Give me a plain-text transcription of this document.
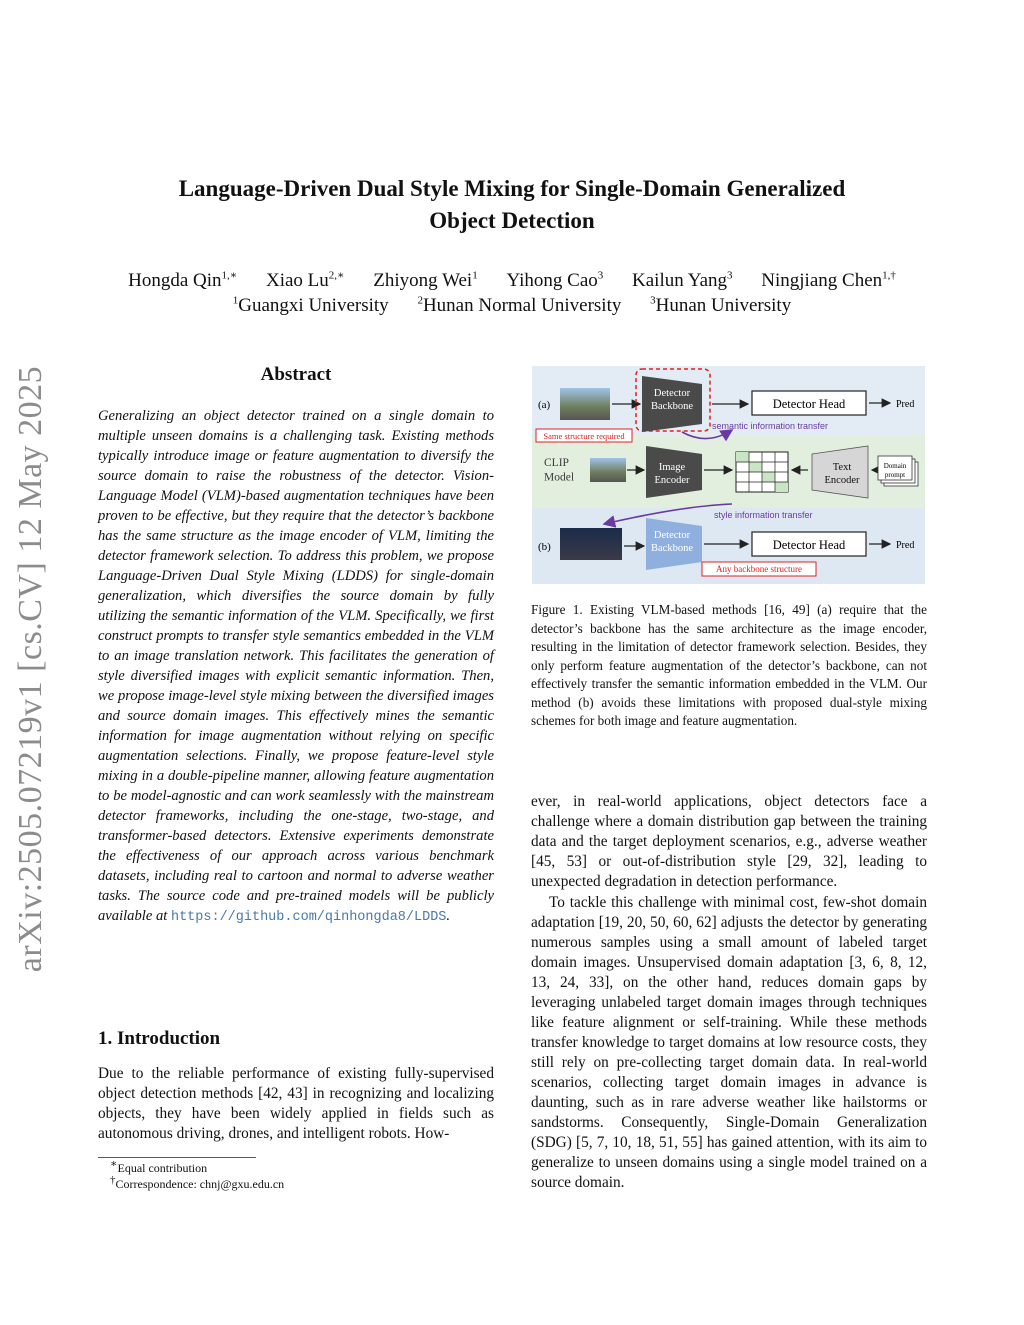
arXiv:2505.07219v1 [cs.CV] 12 May 2025
Language-Driven Dual Style Mixing for Single-Domain Generalized
Object Detection
Hongda Qin$^{1,∗}$ Xiao $Lu^{2,∗}$ Zhiyong Wei$^1$ Yihong Cao$^3$ Kailun Yang$^3$ Ningjiang Chen$^{1,\dagger}$
$^1$Guangxi University	$^2$Hunan Normal University	$^3$Hunan University
Abstract
Generalizing an object detector trained on a single domain to multiple unseen domains is a challenging task. Existing methods typically introduce image or feature augmentation to diversify the source domain to raise the robustness of the detector. Vision-Language Model (VLM)-based augmentation techniques have been proven to be effective, but they require that the detector’s backbone has the same structure as the image encoder of VLM, limiting the detector framework selection. To address this problem, we propose Language-Driven Dual Style Mixing (LDDS) for single-domain generalization, which diversifies the source domain by fully utilizing the semantic information of the VLM. Specifically, we first construct prompts to transfer style semantics embedded in the VLM to an image translation network. This facilitates the generation of style diversified images with explicit semantic information. Then, we propose image-level style mixing between the diversified images and source domain images. This effectively mines the semantic information for image augmentation without relying on specific augmentation selections. Finally, we propose feature-level style mixing in a double-pipeline manner, allowing feature augmentation to be model-agnostic and can work seamlessly with the mainstream detector frameworks, including the one-stage, two-stage, and transformer-based detectors. Extensive experiments demonstrate the effectiveness of our approach across various benchmark datasets, including real to cartoon and normal to adverse weather tasks. The source code and pre-trained models will be publicly available at https://github.com/qinhongda8/LDDS.
1. Introduction
Due to the reliable performance of existing fully-supervised object detection methods [42, 43] in recognizing and localizing objects, they have been widely applied in fields such as autonomous driving, drones, and intelligent robots. How-
∗Equal contribution
†Correspondence: chnj@gxu.edu.cn
(a)
Detector Backbone	Detector Head	Pred
Same structure required
semantic information transfer
CLIP Model
Image Encoder
Text Encoder
Domain prompt
style information transfer
(b)
Detector Backbone	Detector Head	Pred
Any backbone structure
Figure 1. Existing VLM-based methods [16, 49] (a) require that the detector’s backbone has the same architecture as the image encoder, resulting in the limitation of detector framework selection. Besides, they only perform feature augmentation of the detector’s backbone, can not effectively transfer the semantic information embedded in the VLM. Our method (b) avoids these limitations with proposed dual-style mixing schemes for both image and feature augmentation.
ever, in real-world applications, object detectors face a challenge where a domain distribution gap between the training data and the target deployment scenarios, e.g., adverse weather [45, 53] or out-of-distribution style [29, 32], leading to unexpected degradation in detection performance.
To tackle this challenge with minimal cost, few-shot domain adaptation [19, 20, 50, 60, 62] adjusts the detector by generating numerous samples using a small amount of labeled target domain images. Unsupervised domain adaptation [3, 6, 8, 12, 13, 24, 33], on the other hand, reduces domain gaps by leveraging unlabeled target domain images through techniques like feature alignment or self-training. While these methods transfer knowledge to target domains at low resource costs, they still rely on pre-collecting target domain data. In real-world scenarios, collecting target domain images in advance is daunting, such as in rare adverse weather like hailstorms or sandstorms. Consequently, Single-Domain Generalization (SDG) [5, 7, 10, 18, 51, 55] has gained attention, with its aim to generalize to unseen domains using a single model trained on a source domain.
